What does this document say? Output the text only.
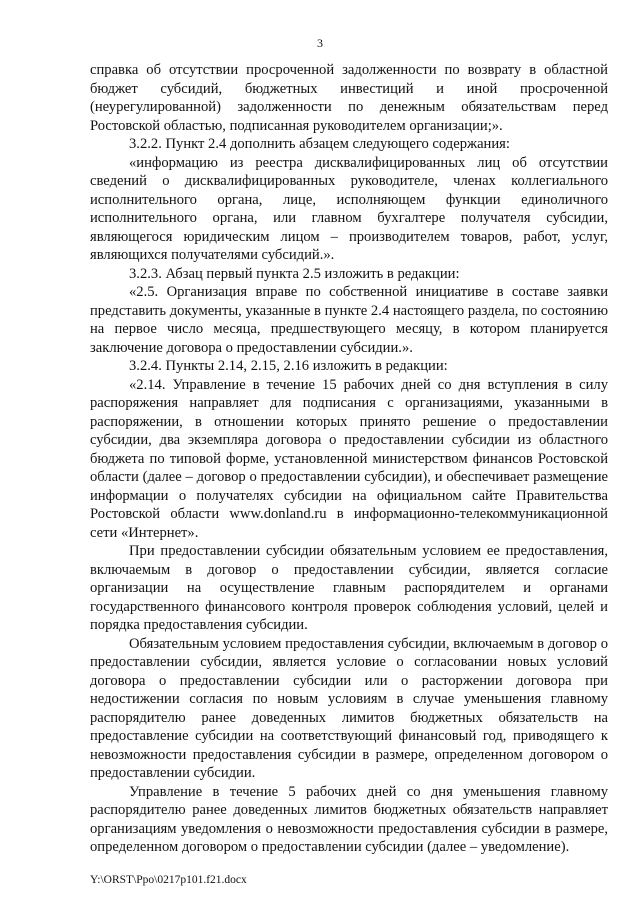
3

справка об отсутствии просроченной задолженности по возврату в областной бюджет субсидий, бюджетных инвестиций и иной просроченной (неурегулированной) задолженности по денежным обязательствам перед Ростовской областью, подписанная руководителем организации;».

3.2.2. Пункт 2.4 дополнить абзацем следующего содержания:

«информацию из реестра дисквалифицированных лиц об отсутствии сведений о дисквалифицированных руководителе, членах коллегиального исполнительного органа, лице, исполняющем функции единоличного исполнительного органа, или главном бухгалтере получателя субсидии, являющегося юридическим лицом – производителем товаров, работ, услуг, являющихся получателями субсидий.».

3.2.3. Абзац первый пункта 2.5 изложить в редакции:

«2.5. Организация вправе по собственной инициативе в составе заявки представить документы, указанные в пункте 2.4 настоящего раздела, по состоянию на первое число месяца, предшествующего месяцу, в котором планируется заключение договора о предоставлении субсидии.».

3.2.4. Пункты 2.14, 2.15, 2.16 изложить в редакции:

«2.14. Управление в течение 15 рабочих дней со дня вступления в силу распоряжения направляет для подписания с организациями, указанными в распоряжении, в отношении которых принято решение о предоставлении субсидии, два экземпляра договора о предоставлении субсидии из областного бюджета по типовой форме, установленной министерством финансов Ростовской области (далее – договор о предоставлении субсидии), и обеспечивает размещение информации о получателях субсидии на официальном сайте Правительства Ростовской области www.donland.ru в информационно-телекоммуникационной сети «Интернет».

При предоставлении субсидии обязательным условием ее предоставления, включаемым в договор о предоставлении субсидии, является согласие организации на осуществление главным распорядителем и органами государственного финансового контроля проверок соблюдения условий, целей и порядка предоставления субсидии.

Обязательным условием предоставления субсидии, включаемым в договор о предоставлении субсидии, является условие о согласовании новых условий договора о предоставлении субсидии или о расторжении договора при недостижении согласия по новым условиям в случае уменьшения главному распорядителю ранее доведенных лимитов бюджетных обязательств на предоставление субсидии на соответствующий финансовый год, приводящего к невозможности предоставления субсидии в размере, определенном договором о предоставлении субсидии.

Управление в течение 5 рабочих дней со дня уменьшения главному распорядителю ранее доведенных лимитов бюджетных обязательств направляет организациям уведомления о невозможности предоставления субсидии в размере, определенном договором о предоставлении субсидии (далее – уведомление).

Y:\ORST\Ppo\0217p101.f21.docx
